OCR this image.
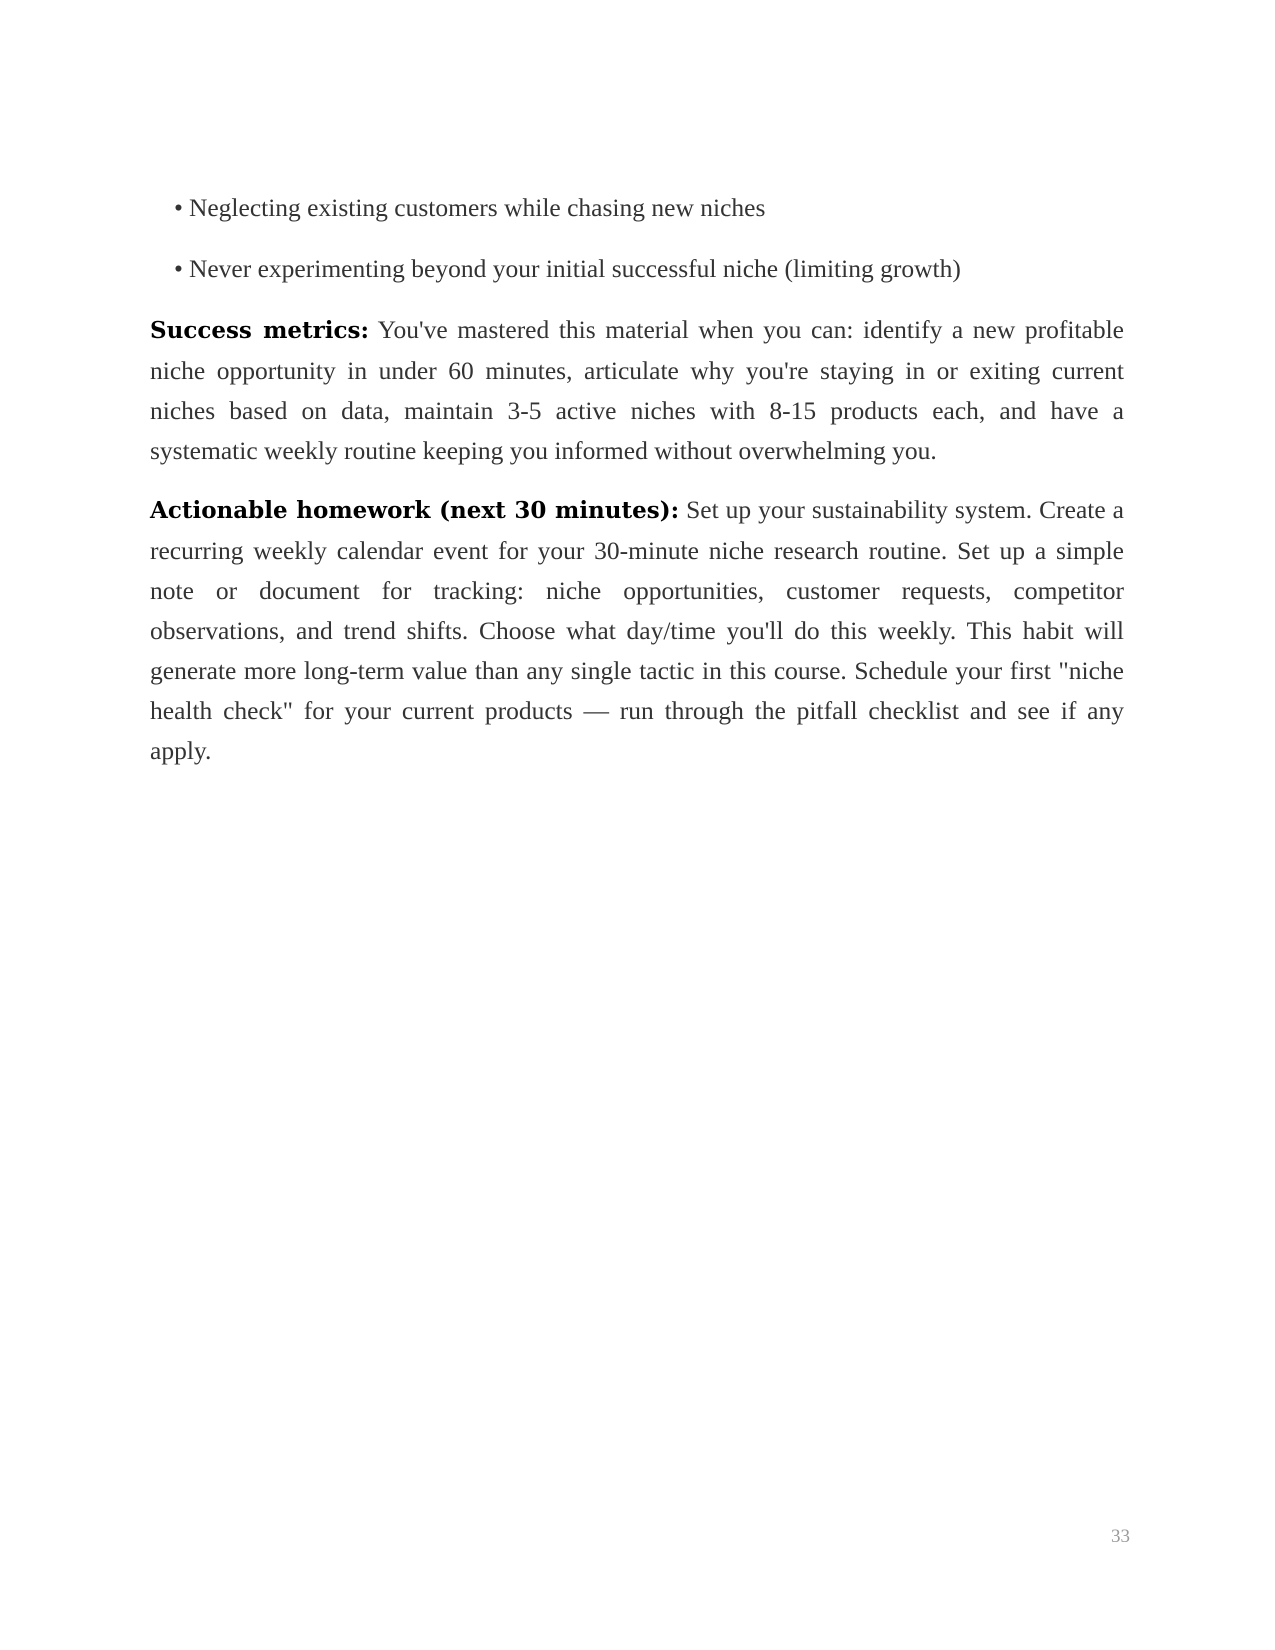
• Neglecting existing customers while chasing new niches
• Never experimenting beyond your initial successful niche (limiting growth)

Success metrics: You've mastered this material when you can: identify a new profitable niche opportunity in under 60 minutes, articulate why you're staying in or exiting current niches based on data, maintain 3-5 active niches with 8-15 products each, and have a systematic weekly routine keeping you informed without overwhelming you.

Actionable homework (next 30 minutes): Set up your sustainability system. Create a recurring weekly calendar event for your 30-minute niche research routine. Set up a simple note or document for tracking: niche opportunities, customer requests, competitor observations, and trend shifts. Choose what day/time you'll do this weekly. This habit will generate more long-term value than any single tactic in this course. Schedule your first "niche health check" for your current products — run through the pitfall checklist and see if any apply.

33
